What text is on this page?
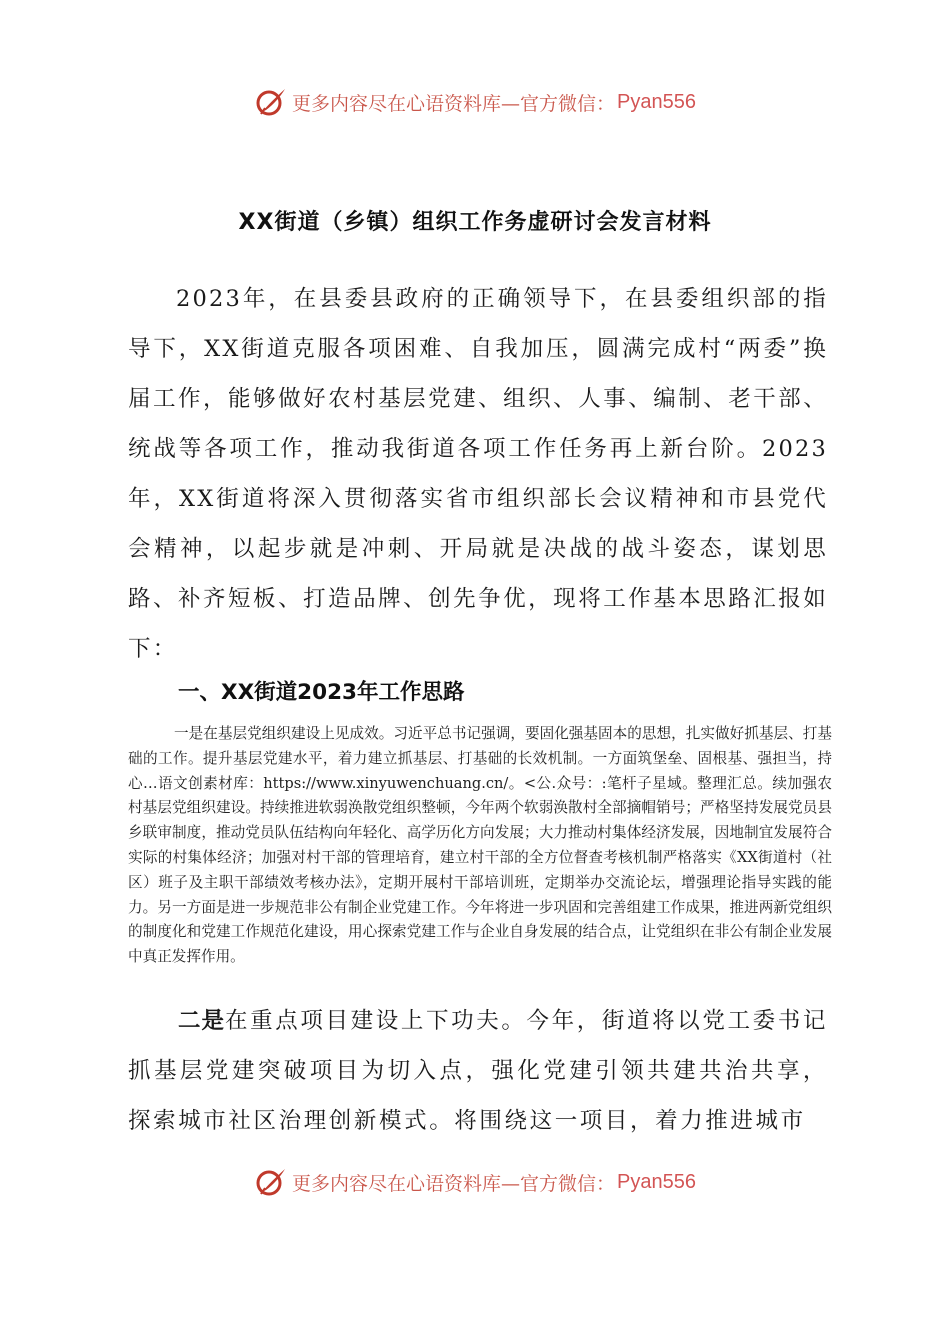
更多内容尽在心语资料库—官方微信： Pyan556
XX街道（乡镇）组织工作务虚研讨会发言材料
2023年，在县委县政府的正确领导下，在县委组织部的指导下，XX街道克服各项困难、自我加压，圆满完成村“两委”换届工作，能够做好农村基层党建、组织、人事、编制、老干部、统战等各项工作，推动我街道各项工作任务再上新台阶。2023年，XX街道将深入贯彻落实省市组织部长会议精神和市县党代会精神，以起步就是冲刺、开局就是决战的战斗姿态，谋划思路、补齐短板、打造品牌、创先争优，现将工作基本思路汇报如下：
一、XX街道2023年工作思路
一是在基层党组织建设上见成效。习近平总书记强调，要固化强基固本的思想，扎实做好抓基层、打基础的工作。提升基层党建水平，着力建立抓基层、打基础的长效机制。一方面筑堡垒、固根基、强担当，持心…语文创素材库：https://www.xinyuwenchuang.cn/。<公.众号：:笔杆子星域。整理汇总。续加强农村基层党组织建设。持续推进软弱涣散党组织整顿，今年两个软弱涣散村全部摘帽销号；严格坚持发展党员县乡联审制度，推动党员队伍结构向年轻化、高学历化方向发展；大力推动村集体经济发展，因地制宜发展符合实际的村集体经济；加强对村干部的管理培育，建立村干部的全方位督查考核机制严格落实《XX街道村（社区）班子及主职干部绩效考核办法》，定期开展村干部培训班，定期举办交流论坛，增强理论指导实践的能力。另一方面是进一步规范非公有制企业党建工作。今年将进一步巩固和完善组建工作成果，推进两新党组织的制度化和党建工作规范化建设，用心探索党建工作与企业自身发展的结合点，让党组织在非公有制企业发展中真正发挥作用。
二是在重点项目建设上下功夫。今年，街道将以党工委书记抓基层党建突破项目为切入点，强化党建引领共建共治共享，探索城市社区治理创新模式。将围绕这一项目，着力推进城市
更多内容尽在心语资料库—官方微信： Pyan556
